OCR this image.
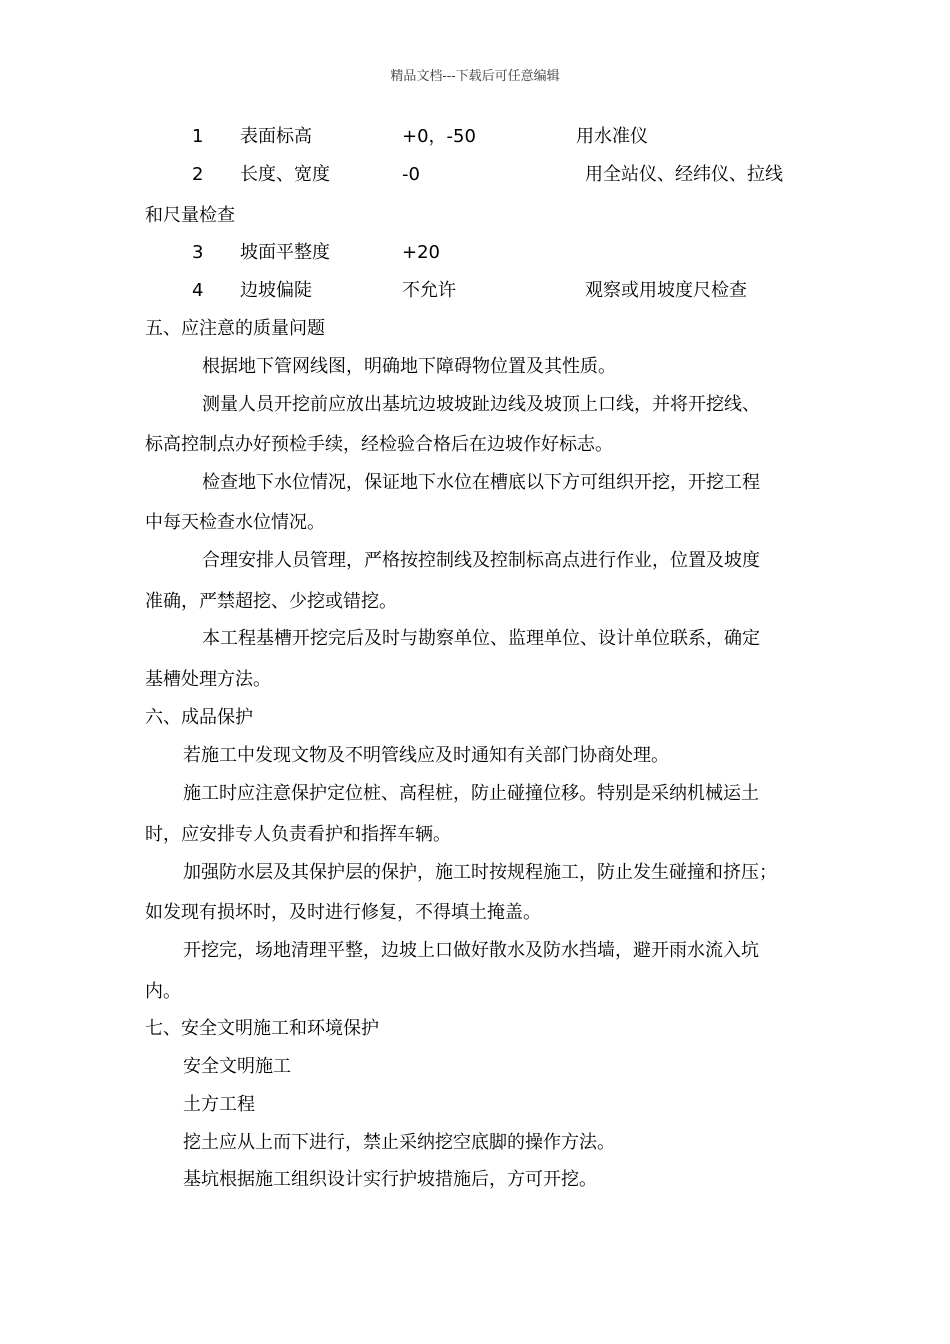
精品文档---下载后可任意编辑
1 表面标高	+0，-50	用水准仪
2 长度、宽度	-0	用全站仪、经纬仪、拉线
和尺量检查
3 坡面平整度	+20
4 边坡偏陡	不允许	观察或用坡度尺检查
五、应注意的质量问题
根据地下管网线图，明确地下障碍物位置及其性质。
测量人员开挖前应放出基坑边坡坡趾边线及坡顶上口线，并将开挖线、
标高控制点办好预检手续，经检验合格后在边坡作好标志。
检查地下水位情况，保证地下水位在槽底以下方可组织开挖，开挖工程
中每天检查水位情况。
合理安排人员管理，严格按控制线及控制标高点进行作业，位置及坡度
准确，严禁超挖、少挖或错挖。
本工程基槽开挖完后及时与勘察单位、监理单位、设计单位联系，确定
基槽处理方法。
六、成品保护
若施工中发现文物及不明管线应及时通知有关部门协商处理。
施工时应注意保护定位桩、高程桩，防止碰撞位移。特别是采纳机械运土
时，应安排专人负责看护和指挥车辆。
加强防水层及其保护层的保护，施工时按规程施工，防止发生碰撞和挤压；
如发现有损坏时，及时进行修复，不得填土掩盖。
开挖完，场地清理平整，边坡上口做好散水及防水挡墙，避开雨水流入坑
内。
七、安全文明施工和环境保护
安全文明施工
土方工程
挖土应从上而下进行，禁止采纳挖空底脚的操作方法。
基坑根据施工组织设计实行护坡措施后，方可开挖。
